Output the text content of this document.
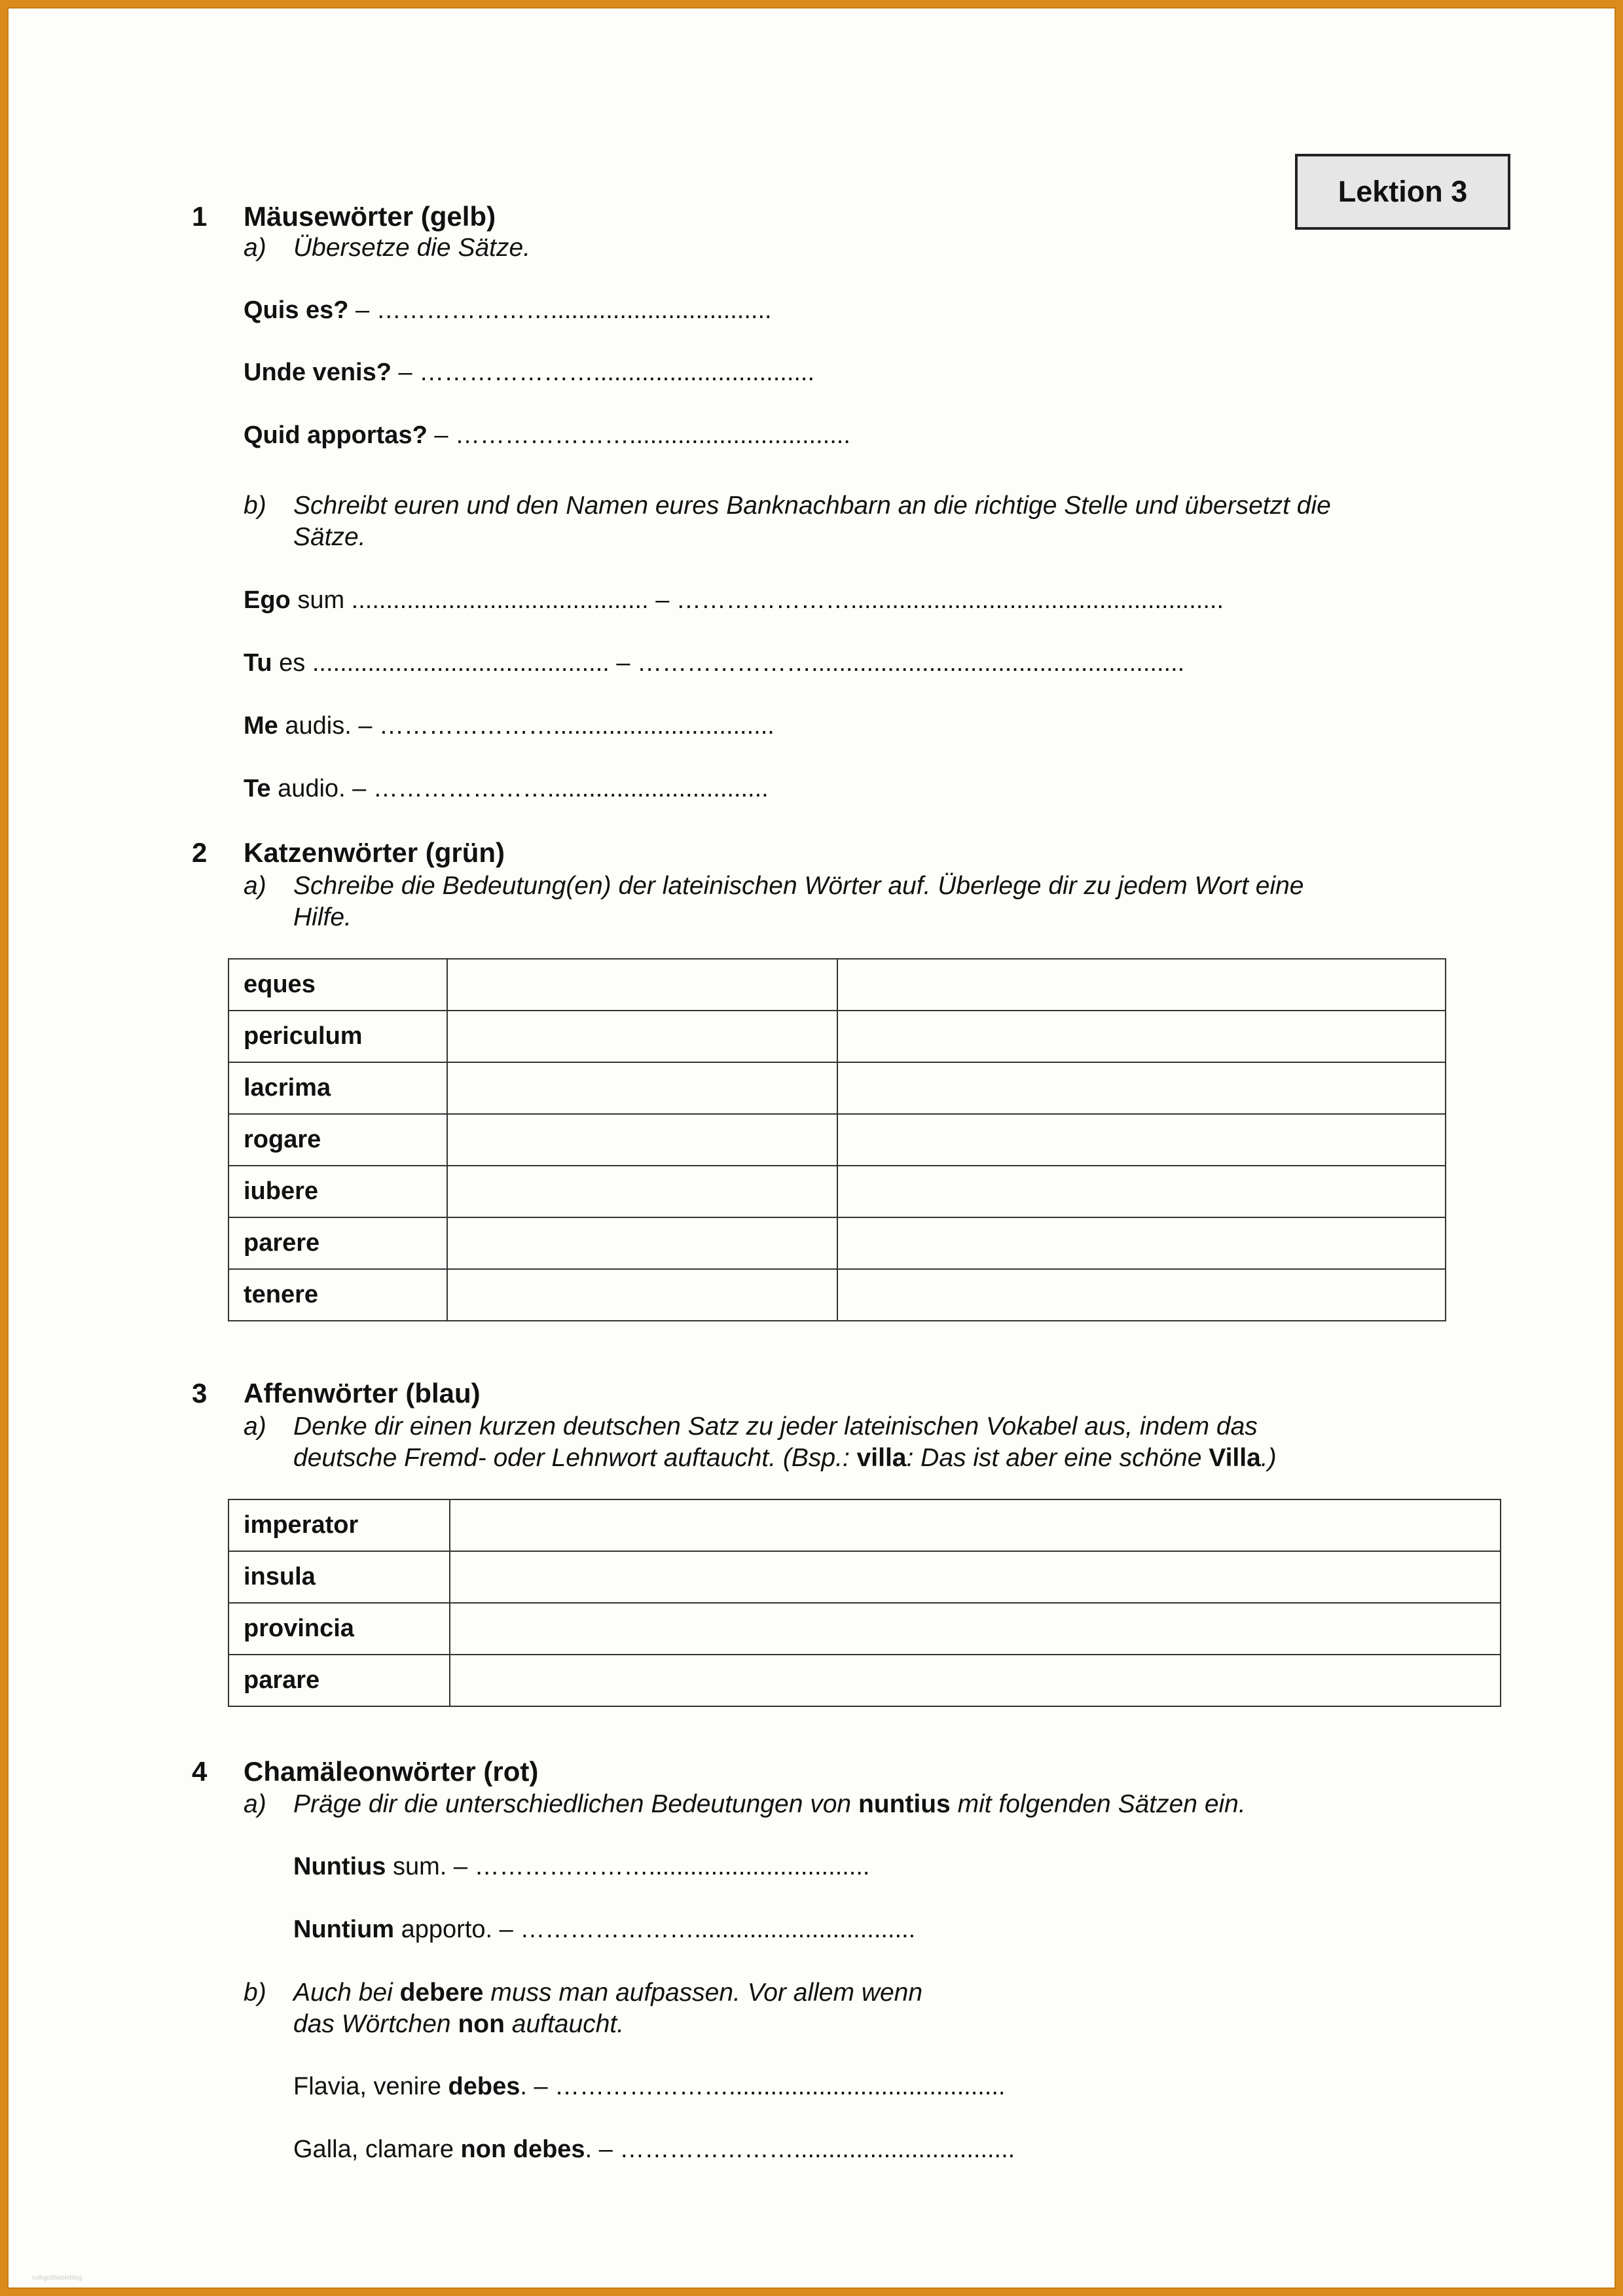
Lektion 3
1 Mäusewörter (gelb)
a) Übersetze die Sätze.
Quis es? – …………………................................
Unde venis? – …………………................................
Quid apportas? – …………………................................
b) Schreibt euren und den Namen eures Banknachbarn an die richtige Stelle und übersetzt die
Sätze.
Ego sum ........................................... – …………………......................................................
Tu es ........................................... – …………………......................................................
Me audis. – …………………................................
Te audio. – …………………................................
2 Katzenwörter (grün)
a) Schreibe die Bedeutung(en) der lateinischen Wörter auf. Überlege dir zu jedem Wort eine
Hilfe.
eques		
periculum		
lacrima		
rogare		
iubere		
parere		
tenere		
3 Affenwörter (blau)
a) Denke dir einen kurzen deutschen Satz zu jeder lateinischen Vokabel aus, indem das
deutsche Fremd- oder Lehnwort auftaucht. (Bsp.: villa: Das ist aber eine schöne Villa.)
imperator	
insula	
provincia	
parare	
4 Chamäleonwörter (rot)
a) Präge dir die unterschiedlichen Bedeutungen von nuntius mit folgenden Sätzen ein.
Nuntius sum. – …………………................................
Nuntium apporto. – …………………................................
b) Auch bei debere muss man aufpassen. Vor allem wenn
das Wörtchen non auftaucht.
Flavia, venire debes. – …………………........................................
Galla, clamare non debes. – …………………................................
ruthgottliebleblog
